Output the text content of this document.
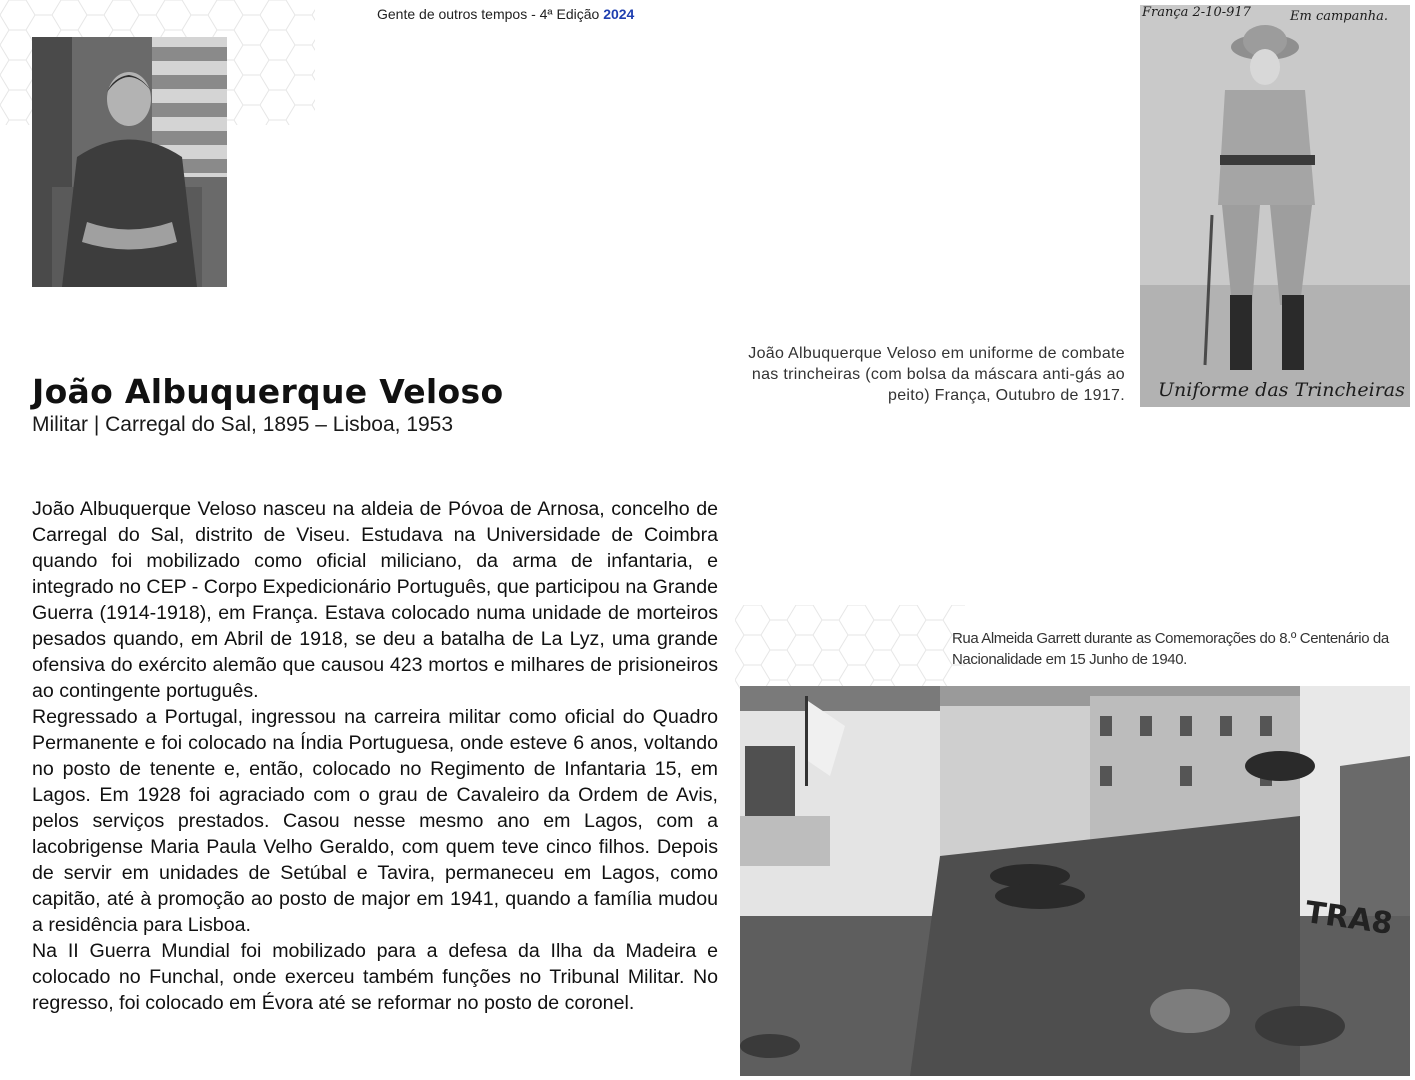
Gente de outros tempos - 4ª Edição 2024	França 2-10-917	Em campanha.
Uniforme das Trincheiras
João Albuquerque Veloso em uniforme de combate nas trincheiras (com bolsa da máscara anti-gás ao peito) França, Outubro de 1917.
João Albuquerque Veloso
Militar | Carregal do Sal, 1895 – Lisboa, 1953

João Albuquerque Veloso nasceu na aldeia de Póvoa de Arnosa, concelho de Carregal do Sal, distrito de Viseu. Estudava na Universidade de Coimbra quando foi mobilizado como oficial miliciano, da arma de infantaria, e integrado no CEP - Corpo Expedicionário Português, que participou na Grande Guerra (1914-1918), em França. Estava colocado numa unidade de morteiros pesados quando, em Abril de 1918, se deu a batalha de La Lyz, uma grande ofensiva do exército alemão que causou 423 mortos e milhares de prisioneiros ao contingente português.

Regressado a Portugal, ingressou na carreira militar como oficial do Quadro Permanente e foi colocado na Índia Portuguesa, onde esteve 6 anos, voltando no posto de tenente e, então, colocado no Regimento de Infantaria 15, em Lagos. Em 1928 foi agraciado com o grau de Cavaleiro da Ordem de Avis, pelos serviços prestados. Casou nesse mesmo ano em Lagos, com a lacobrigense Maria Paula Velho Geraldo, com quem teve cinco filhos. Depois de servir em unidades de Setúbal e Tavira, permaneceu em Lagos, como capitão, até à promoção ao posto de major em 1941, quando a família mudou a residência para Lisboa.

Na II Guerra Mundial foi mobilizado para a defesa da Ilha da Madeira e colocado no Funchal, onde exerceu também funções no Tribunal Militar. No regresso, foi colocado em Évora até se reformar no posto de coronel.

Rua Almeida Garrett durante as Comemorações do 8.º Centenário da Nacionalidade em 15 Junho de 1940.
TRA8
